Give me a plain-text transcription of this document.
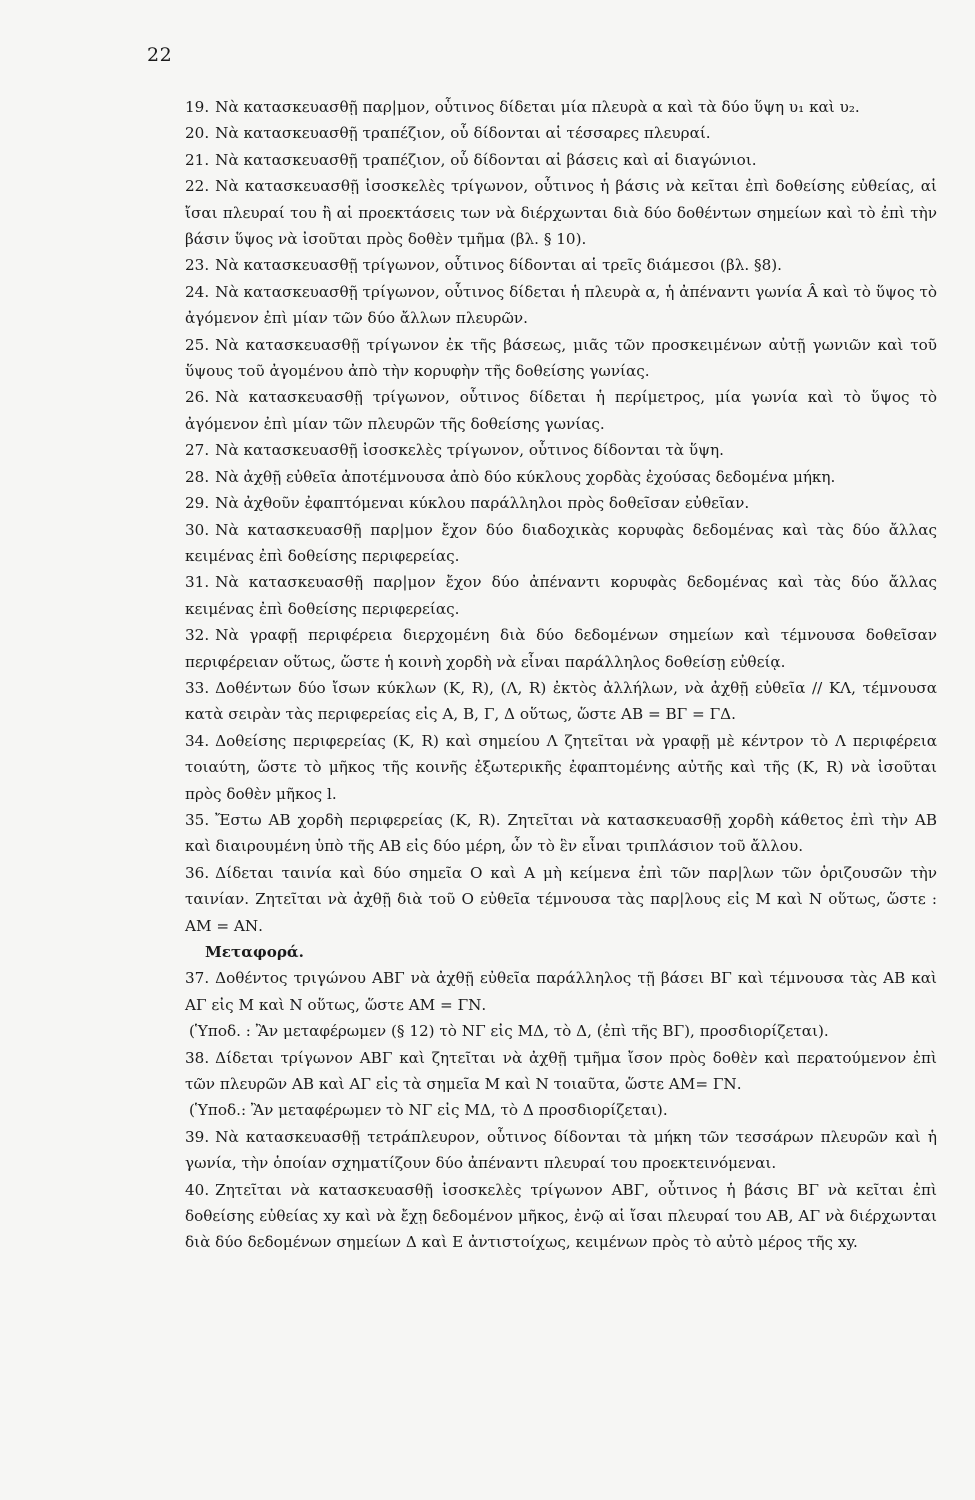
22

19. Νὰ κατασκευασθῇ παρ|μον, οὗτινος δίδεται μία πλευρὰ α καὶ τὰ δύο ὕψη υ₁ καὶ υ₂.

20. Νὰ κατασκευασθῇ τραπέζιον, οὗ δίδονται αἱ τέσσαρες πλευραί.

21. Νὰ κατασκευασθῇ τραπέζιον, οὗ δίδονται αἱ βάσεις καὶ αἱ διαγώνιοι.

22. Νὰ κατασκευασθῇ ἰσοσκελὲς τρίγωνον, οὗτινος ἡ βάσις νὰ κεῖται ἐπὶ δοθείσης εὐθείας, αἱ ἴσαι πλευραί του ἢ αἱ προεκτάσεις των νὰ διέρχωνται διὰ δύο δοθέντων σημείων καὶ τὸ ἐπὶ τὴν βάσιν ὕψος νὰ ἰσοῦται πρὸς δοθὲν τμῆμα (βλ. § 10).

23. Νὰ κατασκευασθῇ τρίγωνον, οὗτινος δίδονται αἱ τρεῖς διάμεσοι (βλ. §8).

24. Νὰ κατασκευασθῇ τρίγωνον, οὗτινος δίδεται ἡ πλευρὰ α, ἡ ἀπέναντι γωνία Â καὶ τὸ ὕψος τὸ ἀγόμενον ἐπὶ μίαν τῶν δύο ἄλλων πλευρῶν.

25. Νὰ κατασκευασθῇ τρίγωνον ἐκ τῆς βάσεως, μιᾶς τῶν προσκειμένων αὐτῇ γωνιῶν καὶ τοῦ ὕψους τοῦ ἀγομένου ἀπὸ τὴν κορυφὴν τῆς δοθείσης γωνίας.

26. Νὰ κατασκευασθῇ τρίγωνον, οὗτινος δίδεται ἡ περίμετρος, μία γωνία καὶ τὸ ὕψος τὸ ἀγόμενον ἐπὶ μίαν τῶν πλευρῶν τῆς δοθείσης γωνίας.

27. Νὰ κατασκευασθῇ ἰσοσκελὲς τρίγωνον, οὗτινος δίδονται τὰ ὕψη.

28. Νὰ ἀχθῇ εὐθεῖα ἀποτέμνουσα ἀπὸ δύο κύκλους χορδὰς ἐχούσας δεδομένα μήκη.

29. Νὰ ἀχθοῦν ἐφαπτόμεναι κύκλου παράλληλοι πρὸς δοθεῖσαν εὐθεῖαν.

30. Νὰ κατασκευασθῇ παρ|μον ἔχον δύο διαδοχικὰς κορυφὰς δεδομένας καὶ τὰς δύο ἄλλας κειμένας ἐπὶ δοθείσης περιφερείας.

31. Νὰ κατασκευασθῇ παρ|μον ἔχον δύο ἀπέναντι κορυφὰς δεδομένας καὶ τὰς δύο ἄλλας κειμένας ἐπὶ δοθείσης περιφερείας.

32. Νὰ γραφῇ περιφέρεια διερχομένη διὰ δύο δεδομένων σημείων καὶ τέμνουσα δοθεῖσαν περιφέρειαν οὕτως, ὥστε ἡ κοινὴ χορδὴ νὰ εἶναι παράλληλος δοθείσῃ εὐθείᾳ.

33. Δοθέντων δύο ἴσων κύκλων (Κ, R), (Λ, R) ἐκτὸς ἀλλήλων, νὰ ἀχθῇ εὐθεῖα // ΚΛ, τέμνουσα κατὰ σειρὰν τὰς περιφερείας εἰς Α, Β, Γ, Δ οὕτως, ὥστε ΑΒ = ΒΓ = ΓΔ.

34. Δοθείσης περιφερείας (Κ, R) καὶ σημείου Λ ζητεῖται νὰ γραφῇ μὲ κέντρον τὸ Λ περιφέρεια τοιαύτη, ὥστε τὸ μῆκος τῆς κοινῆς ἐξωτερικῆς ἐφαπτομένης αὐτῆς καὶ τῆς (Κ, R) νὰ ἰσοῦται πρὸς δοθὲν μῆκος l.

35. Ἔστω ΑΒ χορδὴ περιφερείας (Κ, R). Ζητεῖται νὰ κατασκευασθῇ χορδὴ κάθετος ἐπὶ τὴν ΑΒ καὶ διαιρουμένη ὑπὸ τῆς ΑΒ εἰς δύο μέρη, ὧν τὸ ἓν εἶναι τριπλάσιον τοῦ ἄλλου.

36. Δίδεται ταινία καὶ δύο σημεῖα Ο καὶ Α μὴ κείμενα ἐπὶ τῶν παρ|λων τῶν ὁριζουσῶν τὴν ταινίαν. Ζητεῖται νὰ ἀχθῇ διὰ τοῦ Ο εὐθεῖα τέμνουσα τὰς παρ|λους εἰς Μ καὶ Ν οὕτως, ὥστε : ΑΜ = ΑΝ.

Μεταφορά.

37. Δοθέντος τριγώνου ΑΒΓ νὰ ἀχθῇ εὐθεῖα παράλληλος τῇ βάσει ΒΓ καὶ τέμνουσα τὰς ΑΒ καὶ ΑΓ εἰς Μ καὶ Ν οὕτως, ὥστε ΑΜ = ΓΝ.

(Ὑποδ. : Ἂν μεταφέρωμεν (§ 12) τὸ ΝΓ εἰς ΜΔ, τὸ Δ, (ἐπὶ τῆς ΒΓ), προσδιορίζεται).

38. Δίδεται τρίγωνον ΑΒΓ καὶ ζητεῖται νὰ ἀχθῇ τμῆμα ἴσον πρὸς δοθὲν καὶ περατούμενον ἐπὶ τῶν πλευρῶν ΑΒ καὶ ΑΓ εἰς τὰ σημεῖα Μ καὶ Ν τοιαῦτα, ὥστε ΑΜ= ΓΝ.

(Ὑποδ.: Ἂν μεταφέρωμεν τὸ ΝΓ εἰς ΜΔ, τὸ Δ προσδιορίζεται).

39. Νὰ κατασκευασθῇ τετράπλευρον, οὗτινος δίδονται τὰ μήκη τῶν τεσσάρων πλευρῶν καὶ ἡ γωνία, τὴν ὁποίαν σχηματίζουν δύο ἀπέναντι πλευραί του προεκτεινόμεναι.

40. Ζητεῖται νὰ κατασκευασθῇ ἰσοσκελὲς τρίγωνον ΑΒΓ, οὗτινος ἡ βάσις ΒΓ νὰ κεῖται ἐπὶ δοθείσης εὐθείας xy καὶ νὰ ἔχῃ δεδομένον μῆκος, ἐνῷ αἱ ἴσαι πλευραί του ΑΒ, ΑΓ νὰ διέρχωνται διὰ δύο δεδομένων σημείων Δ καὶ Ε ἀντιστοίχως, κειμένων πρὸς τὸ αὐτὸ μέρος τῆς xy.
